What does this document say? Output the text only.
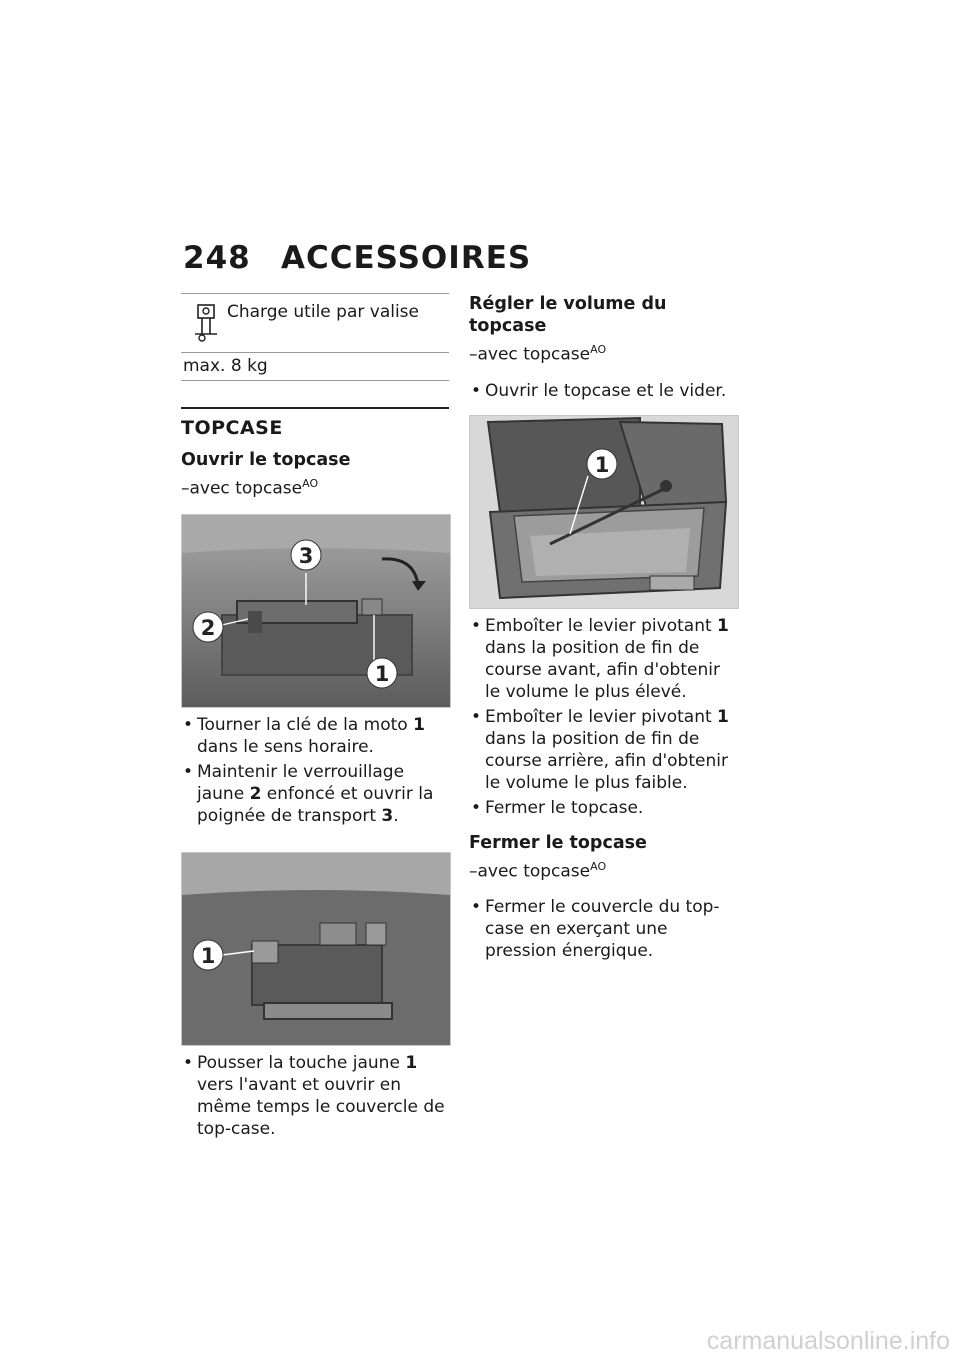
248 ACCESSOIRES
Charge utile par valise
max. 8 kg
TOPCASE
Ouvrir le topcase
–avec topcase$^{AO}$
3
2
1
• Tourner la clé de la moto 1 dans le sens horaire.
• Maintenir le verrouillage jaune 2 enfoncé et ouvrir la poignée de transport 3.
1
• Pousser la touche jaune 1 vers l'avant et ouvrir en même temps le couvercle de top-case.
Régler le volume du topcase
–avec topcase$^{AO}$
• Ouvrir le topcase et le vider.
1
• Emboîter le levier pivotant 1 dans la position de fin de course avant, afin d'obtenir le volume le plus élevé.
• Emboîter le levier pivotant 1 dans la position de fin de course arrière, afin d'obtenir le volume le plus faible.
• Fermer le topcase.
Fermer le topcase
–avec topcase$^{AO}$
• Fermer le couvercle du top-case en exerçant une pression énergique.
carmanualsonline.info
